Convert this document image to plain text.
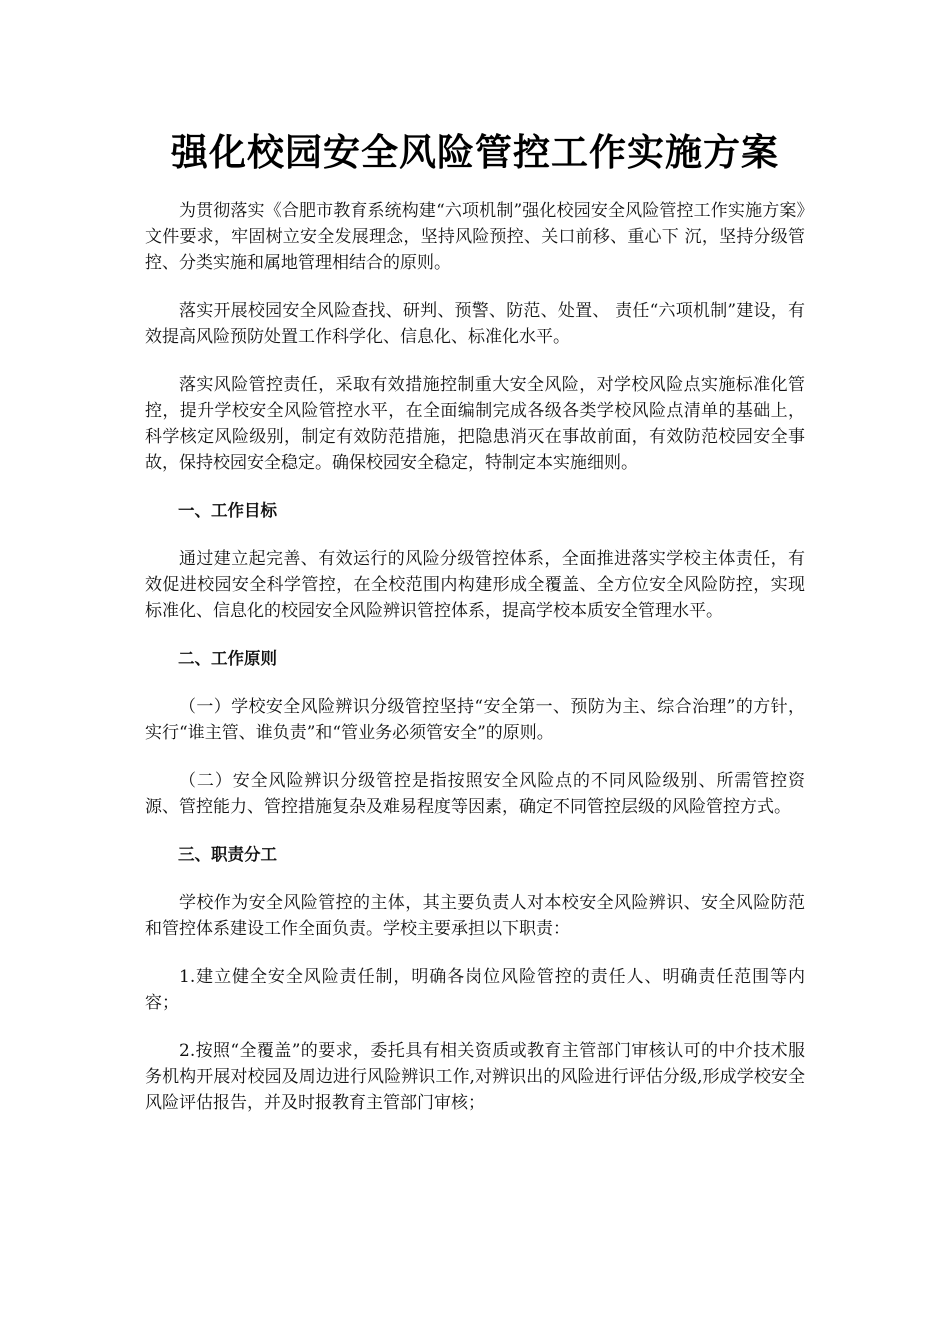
强化校园安全风险管控工作实施方案

为贯彻落实《合肥市教育系统构建“六项机制”强化校园安全风险管控工作实施方案》文件要求，牢固树立安全发展理念，坚持风险预控、关口前移、重心下 沉，坚持分级管控、分类实施和属地管理相结合的原则。

落实开展校园安全风险查找、研判、预警、防范、处置、 责任“六项机制”建设，有效提高风险预防处置工作科学化、信息化、标准化水平。

落实风险管控责任，采取有效措施控制重大安全风险，对学校风险点实施标准化管控，提升学校安全风险管控水平，在全面编制完成各级各类学校风险点清单的基础上，科学核定风险级别，制定有效防范措施，把隐患消灭在事故前面，有效防范校园安全事故，保持校园安全稳定。确保校园安全稳定，特制定本实施细则。

一、工作目标

通过建立起完善、有效运行的风险分级管控体系，全面推进落实学校主体责任，有效促进校园安全科学管控，在全校范围内构建形成全覆盖、全方位安全风险防控，实现标准化、信息化的校园安全风险辨识管控体系，提高学校本质安全管理水平。

二、工作原则

（一）学校安全风险辨识分级管控坚持“安全第一、预防为主、综合治理”的方针，实行“谁主管、谁负责”和“管业务必须管安全”的原则。

（二）安全风险辨识分级管控是指按照安全风险点的不同风险级别、所需管控资源、管控能力、管控措施复杂及难易程度等因素，确定不同管控层级的风险管控方式。

三、职责分工

学校作为安全风险管控的主体，其主要负责人对本校安全风险辨识、安全风险防范和管控体系建设工作全面负责。学校主要承担以下职责：

1.建立健全安全风险责任制，明确各岗位风险管控的责任人、明确责任范围等内容；

2.按照“全覆盖”的要求，委托具有相关资质或教育主管部门审核认可的中介技术服务机构开展对校园及周边进行风险辨识工作,对辨识出的风险进行评估分级,形成学校安全风险评估报告，并及时报教育主管部门审核；
